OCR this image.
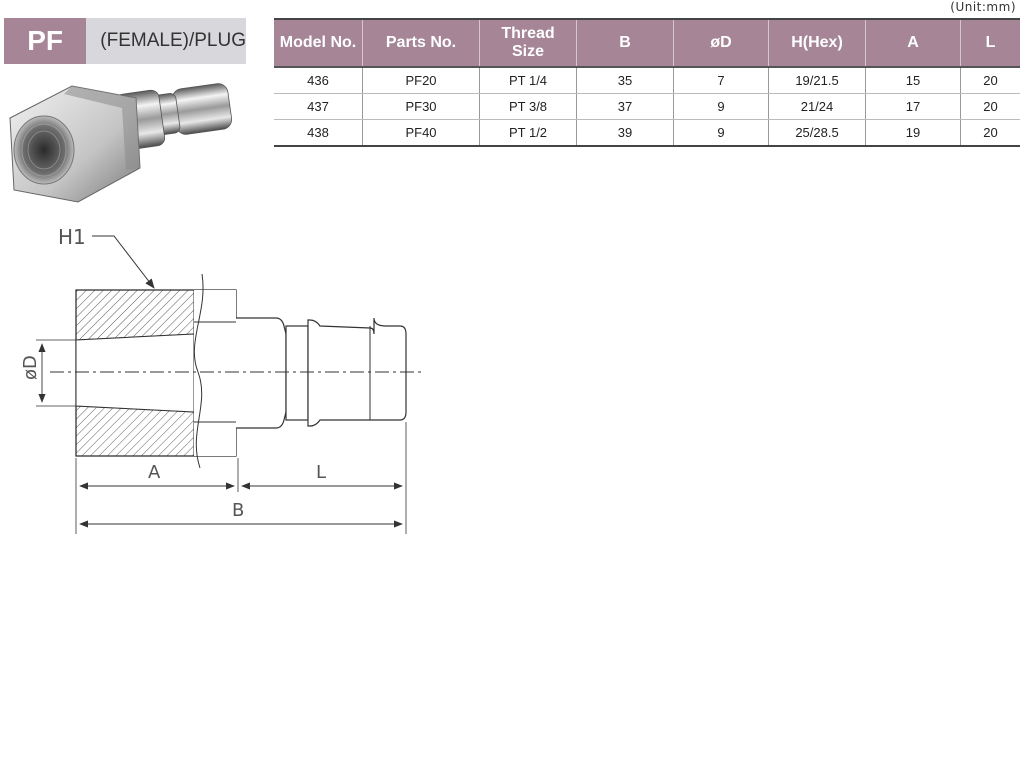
PF	(FEMALE)/PLUG
(Unit:mm)
Model No.	Parts No.	Thread Size	B	øD	H(Hex)	A	L
436	PF20	PT 1/4	35	7	19/21.5	15	20
437	PF30	PT 3/8	37	9	21/24	17	20
438	PF40	PT 1/2	39	9	25/28.5	19	20
H1
øD
A	L
B
